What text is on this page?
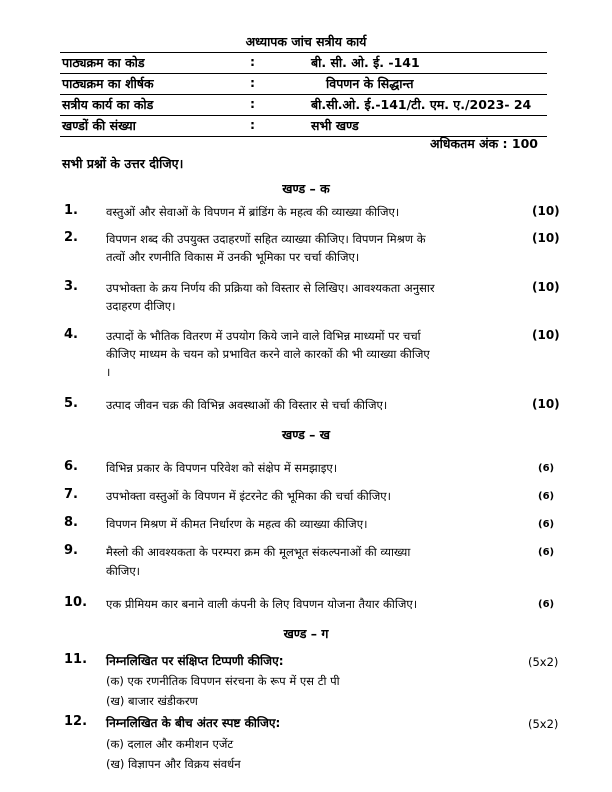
अध्यापक जांच सत्रीय कार्य
पाठ्यक्रम का कोड	:	बी. सी. ओ. ई. -141
पाठ्यक्रम का शीर्षक	:	विपणन के सिद्धान्त
सत्रीय कार्य का कोड	:	बी.सी.ओ. ई.-141/टी. एम. ए./2023- 24
खण्डों की संख्या	:	सभी खण्ड
अधिकतम अंक : 100
सभी प्रश्नों के उत्तर दीजिए।
खण्ड – क
1. वस्तुओं और सेवाओं के विपणन में ब्रांडिंग के महत्व की व्याख्या कीजिए।	(10)
2. विपणन शब्द की उपयुक्त उदाहरणों सहित व्याख्या कीजिए। विपणन मिश्रण के
तत्वों और रणनीति विकास में उनकी भूमिका पर चर्चा कीजिए।
(10)
3. उपभोक्ता के क्रय निर्णय की प्रक्रिया को विस्तार से लिखिए। आवश्यकता अनुसार
उदाहरण दीजिए।
(10)
4. उत्पादों के भौतिक वितरण में उपयोग किये जाने वाले विभिन्न माध्यमों पर चर्चा
कीजिए माध्यम के चयन को प्रभावित करने वाले कारकों की भी व्याख्या कीजिए
।
(10)
5. उत्पाद जीवन चक्र की विभिन्न अवस्थाओं की विस्तार से चर्चा कीजिए।	(10)
खण्ड – ख
6. विभिन्न प्रकार के विपणन परिवेश को संक्षेप में समझाइए।	(6)
7. उपभोक्ता वस्तुओं के विपणन में इंटरनेट की भूमिका की चर्चा कीजिए।	(6)
8. विपणन मिश्रण में कीमत निर्धारण के महत्व की व्याख्या कीजिए।	(6)
9. मैस्लो की आवश्यकता के परम्परा क्रम की मूलभूत संकल्पनाओं की व्याख्या
कीजिए।
(6)
10. एक प्रीमियम कार बनाने वाली कंपनी के लिए विपणन योजना तैयार कीजिए।	(6)
खण्ड – ग
11. निम्नलिखित पर संक्षिप्त टिप्पणी कीजिए:	(5x2)
(क) एक रणनीतिक विपणन संरचना के रूप में एस टी पी
(ख) बाजार खंडीकरण
12. निम्नलिखित के बीच अंतर स्पष्ट कीजिए:	(5x2)
(क) दलाल और कमीशन एजेंट
(ख) विज्ञापन और विक्रय संवर्धन
